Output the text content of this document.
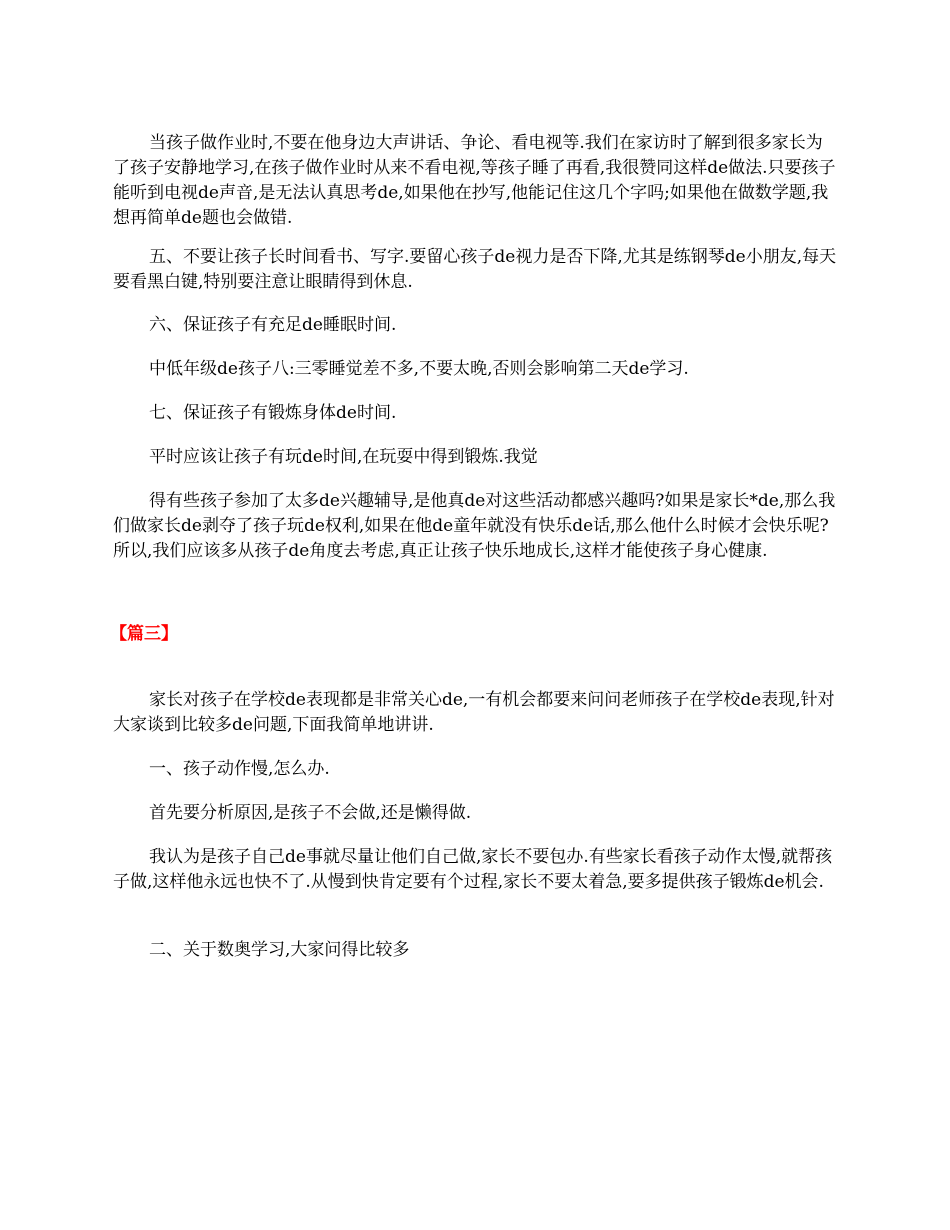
当孩子做作业时,不要在他身边大声讲话、争论、看电视等.我们在家访时了解到很多家长为了孩子安静地学习,在孩子做作业时从来不看电视,等孩子睡了再看,我很赞同这样de做法.只要孩子能听到电视de声音,是无法认真思考de,如果他在抄写,他能记住这几个字吗;如果他在做数学题,我想再简单de题也会做错.

五、不要让孩子长时间看书、写字.要留心孩子de视力是否下降,尤其是练钢琴de小朋友,每天要看黑白键,特别要注意让眼睛得到休息.

六、保证孩子有充足de睡眠时间.

中低年级de孩子八:三零睡觉差不多,不要太晚,否则会影响第二天de学习.

七、保证孩子有锻炼身体de时间.

平时应该让孩子有玩de时间,在玩耍中得到锻炼.我觉

得有些孩子参加了太多de兴趣辅导,是他真de对这些活动都感兴趣吗?如果是家长*de,那么我们做家长de剥夺了孩子玩de权利,如果在他de童年就没有快乐de话,那么他什么时候才会快乐呢?所以,我们应该多从孩子de角度去考虑,真正让孩子快乐地成长,这样才能使孩子身心健康.

【篇三】

家长对孩子在学校de表现都是非常关心de,一有机会都要来问问老师孩子在学校de表现,针对大家谈到比较多de问题,下面我简单地讲讲.

一、孩子动作慢,怎么办.

首先要分析原因,是孩子不会做,还是懒得做.

我认为是孩子自己de事就尽量让他们自己做,家长不要包办.有些家长看孩子动作太慢,就帮孩子做,这样他永远也快不了.从慢到快肯定要有个过程,家长不要太着急,要多提供孩子锻炼de机会.

二、关于数奥学习,大家问得比较多
